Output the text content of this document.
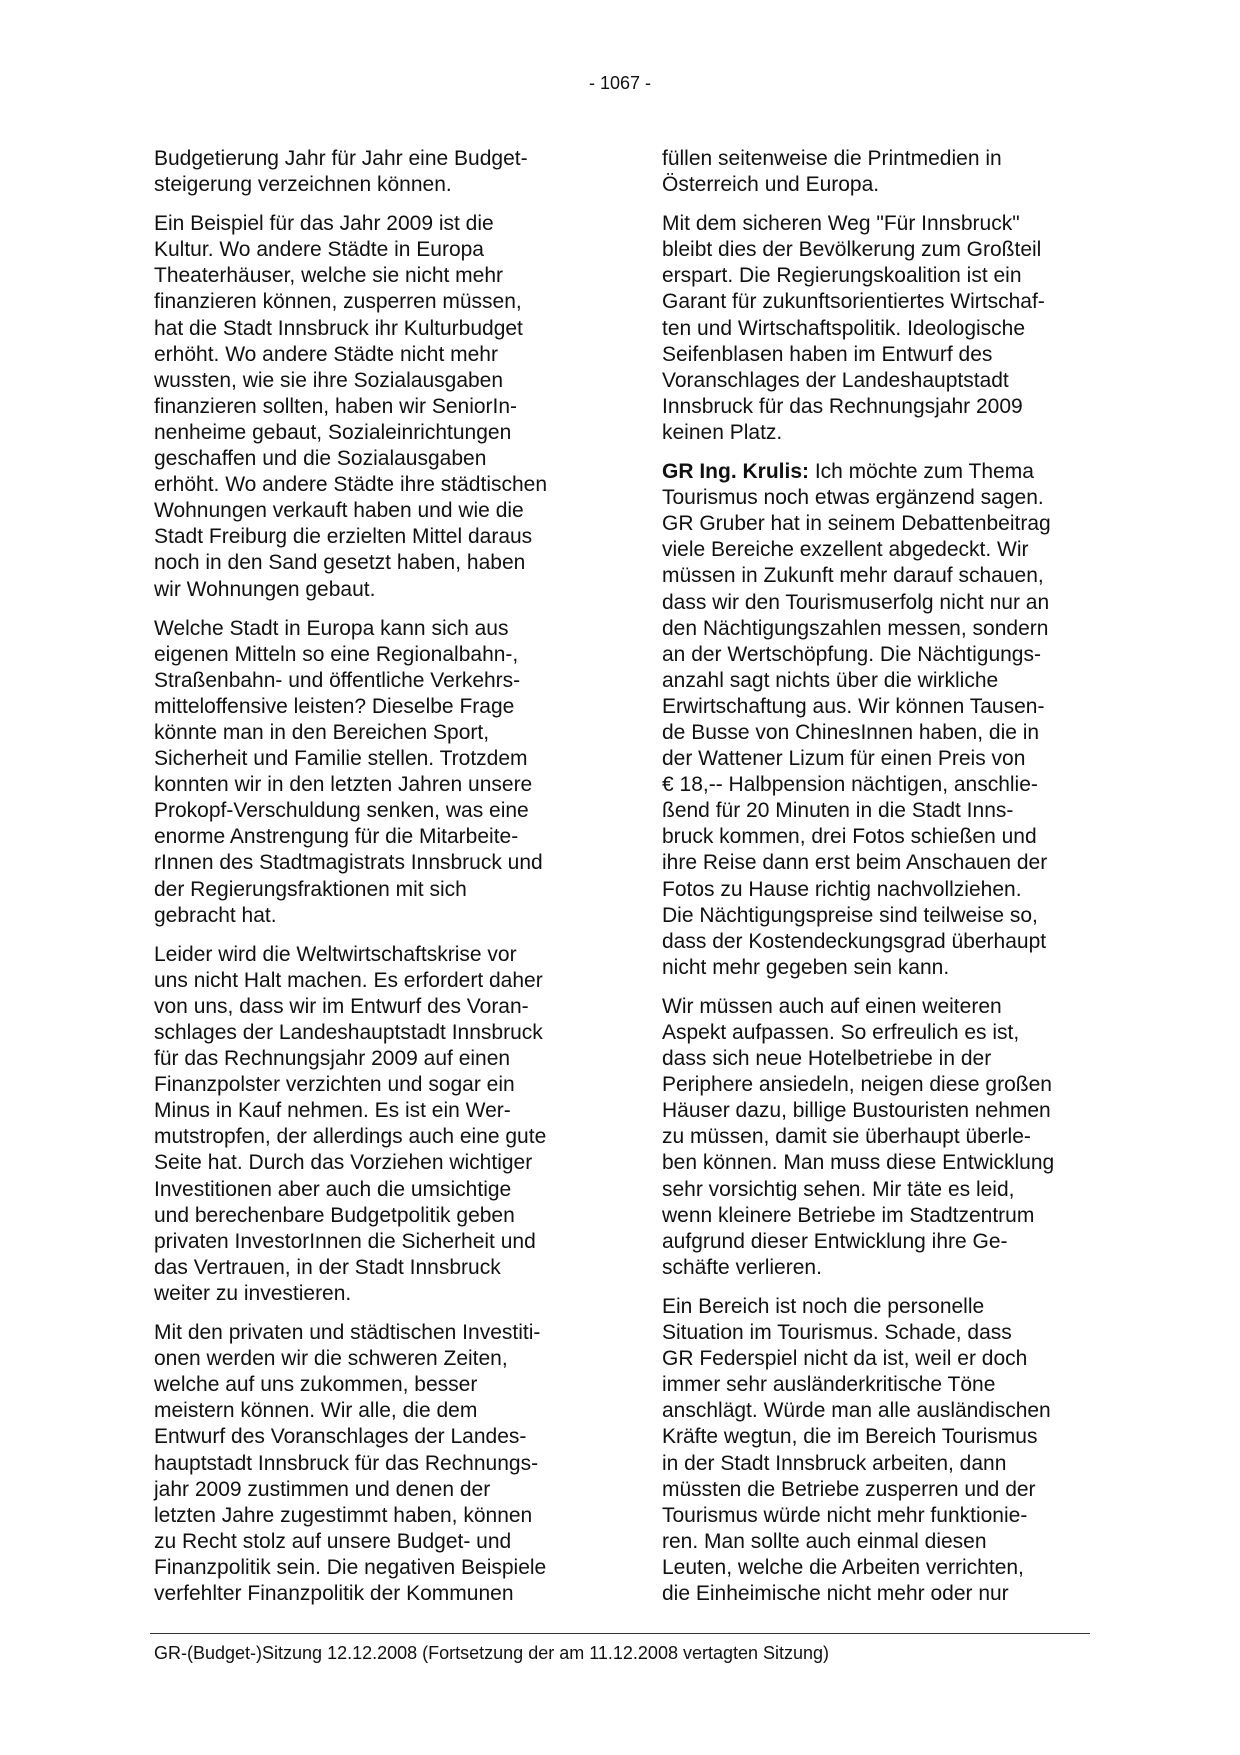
- 1067 -

Budgetierung Jahr für Jahr eine Budget-
steigerung verzeichnen können.

Ein Beispiel für das Jahr 2009 ist die
Kultur. Wo andere Städte in Europa
Theaterhäuser, welche sie nicht mehr
finanzieren können, zusperren müssen,
hat die Stadt Innsbruck ihr Kulturbudget
erhöht. Wo andere Städte nicht mehr
wussten, wie sie ihre Sozialausgaben
finanzieren sollten, haben wir SeniorIn-
nenheime gebaut, Sozialeinrichtungen
geschaffen und die Sozialausgaben
erhöht. Wo andere Städte ihre städtischen
Wohnungen verkauft haben und wie die
Stadt Freiburg die erzielten Mittel daraus
noch in den Sand gesetzt haben, haben
wir Wohnungen gebaut.

Welche Stadt in Europa kann sich aus
eigenen Mitteln so eine Regionalbahn-,
Straßenbahn- und öffentliche Verkehrs-
mitteloffensive leisten? Dieselbe Frage
könnte man in den Bereichen Sport,
Sicherheit und Familie stellen. Trotzdem
konnten wir in den letzten Jahren unsere
Prokopf-Verschuldung senken, was eine
enorme Anstrengung für die Mitarbeite-
rInnen des Stadtmagistrats Innsbruck und
der Regierungsfraktionen mit sich
gebracht hat.

Leider wird die Weltwirtschaftskrise vor
uns nicht Halt machen. Es erfordert daher
von uns, dass wir im Entwurf des Voran-
schlages der Landeshauptstadt Innsbruck
für das Rechnungsjahr 2009 auf einen
Finanzpolster verzichten und sogar ein
Minus in Kauf nehmen. Es ist ein Wer-
mutstropfen, der allerdings auch eine gute
Seite hat. Durch das Vorziehen wichtiger
Investitionen aber auch die umsichtige
und berechenbare Budgetpolitik geben
privaten InvestorInnen die Sicherheit und
das Vertrauen, in der Stadt Innsbruck
weiter zu investieren.

Mit den privaten und städtischen Investiti-
onen werden wir die schweren Zeiten,
welche auf uns zukommen, besser
meistern können. Wir alle, die dem
Entwurf des Voranschlages der Landes-
hauptstadt Innsbruck für das Rechnungs-
jahr 2009 zustimmen und denen der
letzten Jahre zugestimmt haben, können
zu Recht stolz auf unsere Budget- und
Finanzpolitik sein. Die negativen Beispiele
verfehlter Finanzpolitik der Kommunen

füllen seitenweise die Printmedien in
Österreich und Europa.

Mit dem sicheren Weg "Für Innsbruck"
bleibt dies der Bevölkerung zum Großteil
erspart. Die Regierungskoalition ist ein
Garant für zukunftsorientiertes Wirtschaf-
ten und Wirtschaftspolitik. Ideologische
Seifenblasen haben im Entwurf des
Voranschlages der Landeshauptstadt
Innsbruck für das Rechnungsjahr 2009
keinen Platz.

GR Ing. Krulis: Ich möchte zum Thema
Tourismus noch etwas ergänzend sagen.
GR Gruber hat in seinem Debattenbeitrag
viele Bereiche exzellent abgedeckt. Wir
müssen in Zukunft mehr darauf schauen,
dass wir den Tourismuserfolg nicht nur an
den Nächtigungszahlen messen, sondern
an der Wertschöpfung. Die Nächtigungs-
anzahl sagt nichts über die wirkliche
Erwirtschaftung aus. Wir können Tausen-
de Busse von ChinesInnen haben, die in
der Wattener Lizum für einen Preis von
€ 18,-- Halbpension nächtigen, anschlie-
ßend für 20 Minuten in die Stadt Inns-
bruck kommen, drei Fotos schießen und
ihre Reise dann erst beim Anschauen der
Fotos zu Hause richtig nachvollziehen.
Die Nächtigungspreise sind teilweise so,
dass der Kostendeckungsgrad überhaupt
nicht mehr gegeben sein kann.

Wir müssen auch auf einen weiteren
Aspekt aufpassen. So erfreulich es ist,
dass sich neue Hotelbetriebe in der
Periphere ansiedeln, neigen diese großen
Häuser dazu, billige Bustouristen nehmen
zu müssen, damit sie überhaupt überle-
ben können. Man muss diese Entwicklung
sehr vorsichtig sehen. Mir täte es leid,
wenn kleinere Betriebe im Stadtzentrum
aufgrund dieser Entwicklung ihre Ge-
schäfte verlieren.

Ein Bereich ist noch die personelle
Situation im Tourismus. Schade, dass
GR Federspiel nicht da ist, weil er doch
immer sehr ausländerkritische Töne
anschlägt. Würde man alle ausländischen
Kräfte wegtun, die im Bereich Tourismus
in der Stadt Innsbruck arbeiten, dann
müssten die Betriebe zusperren und der
Tourismus würde nicht mehr funktionie-
ren. Man sollte auch einmal diesen
Leuten, welche die Arbeiten verrichten,
die Einheimische nicht mehr oder nur

GR-(Budget-)Sitzung 12.12.2008 (Fortsetzung der am 11.12.2008 vertagten Sitzung)
